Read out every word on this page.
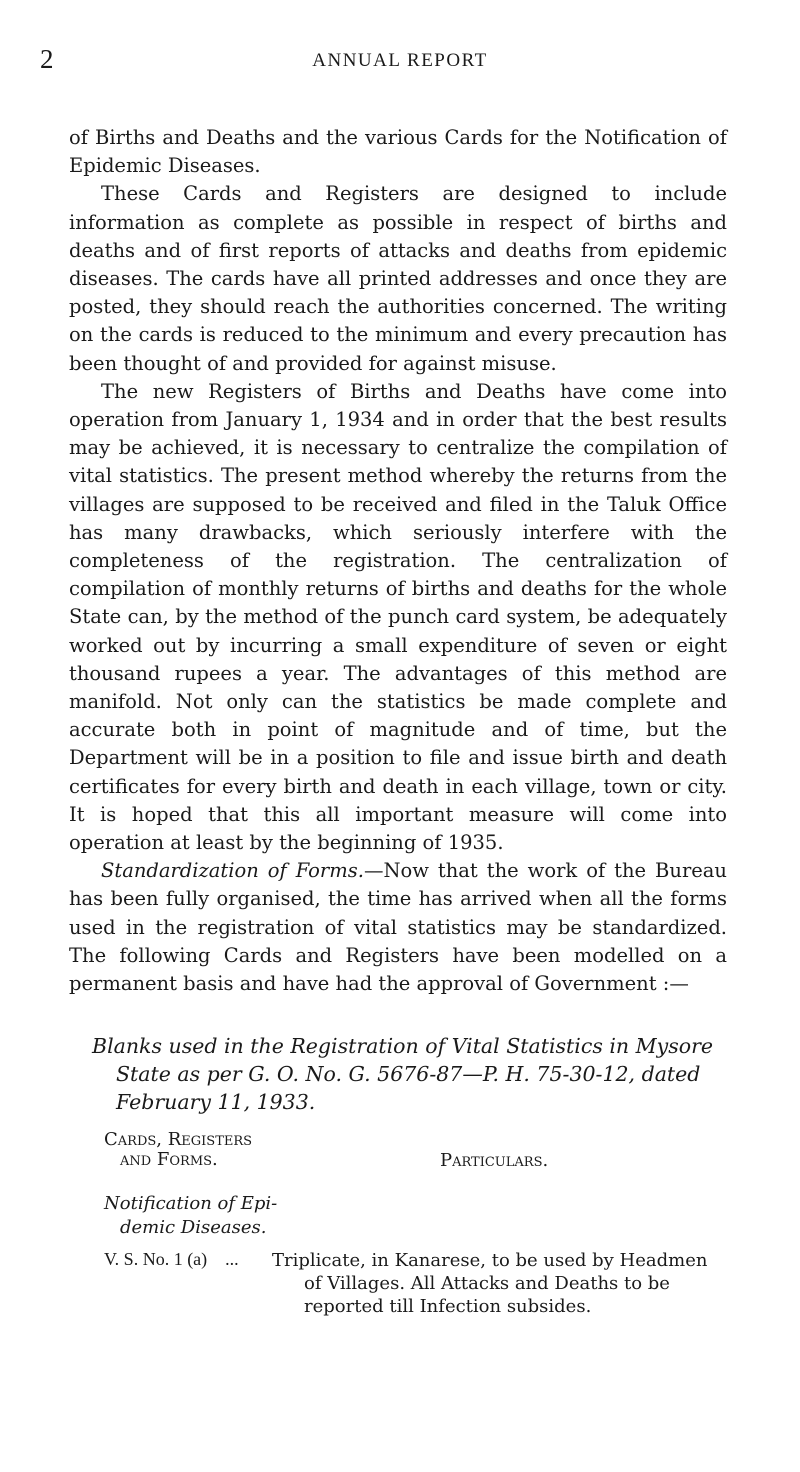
2	ANNUAL REPORT

of Births and Deaths and the various Cards for the Notification of Epidemic Diseases.

These Cards and Registers are designed to include information as complete as possible in respect of births and deaths and of first reports of attacks and deaths from epidemic diseases. The cards have all printed addresses and once they are posted, they should reach the authorities concerned. The writing on the cards is reduced to the minimum and every precaution has been thought of and provided for against misuse.

The new Registers of Births and Deaths have come into operation from January 1, 1934 and in order that the best results may be achieved, it is necessary to centralize the compilation of vital statistics. The present method whereby the returns from the villages are supposed to be received and filed in the Taluk Office has many drawbacks, which seriously interfere with the completeness of the registration. The centralization of compilation of monthly returns of births and deaths for the whole State can, by the method of the punch card system, be adequately worked out by incurring a small expenditure of seven or eight thousand rupees a year. The advantages of this method are manifold. Not only can the statistics be made complete and accurate both in point of magnitude and of time, but the Department will be in a position to file and issue birth and death certificates for every birth and death in each village, town or city. It is hoped that this all important measure will come into operation at least by the beginning of 1935.

Standardization of Forms.—Now that the work of the Bureau has been fully organised, the time has arrived when all the forms used in the registration of vital statistics may be standardized. The following Cards and Registers have been modelled on a permanent basis and have had the approval of Government :—

Blanks used in the Registration of Vital Statistics in Mysore State as per G. O. No. G. 5676-87—P. H. 75-30-12, dated February 11, 1933.
Cards, Registers
and Forms.	Particulars.
Notification of Epi-
demic Diseases.
V. S. No. 1 (a) ... Triplicate, in Kanarese, to be used by Headmen
of Villages. All Attacks and Deaths to be reported till Infection subsides.
